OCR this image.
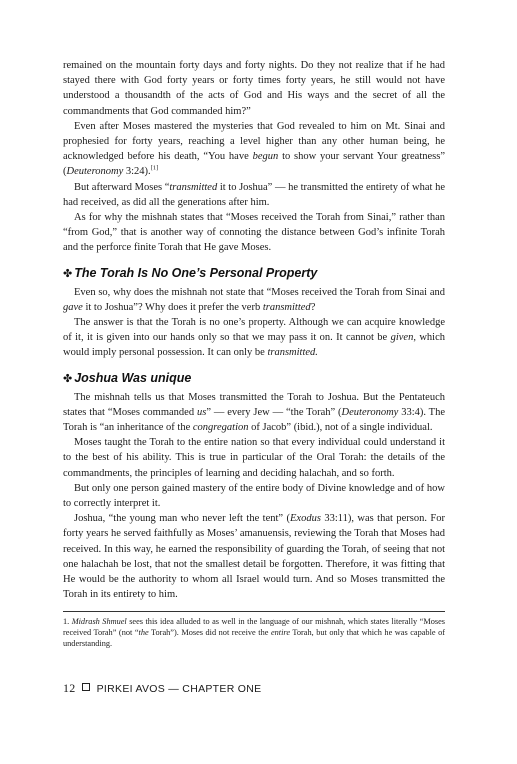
remained on the mountain forty days and forty nights. Do they not realize that if he had stayed there with God forty years or forty times forty years, he still would not have understood a thousandth of the acts of God and His ways and the secret of all the commandments that God commanded him?”

Even after Moses mastered the mysteries that God revealed to him on Mt. Sinai and prophesied for forty years, reaching a level higher than any other human being, he acknowledged before his death, “You have begun to show your servant Your greatness” (Deuteronomy 3:24).[1]

But afterward Moses “transmitted it to Joshua” — he transmitted the entirety of what he had received, as did all the generations after him.

As for why the mishnah states that “Moses received the Torah from Sinai,” rather than “from God,” that is another way of connoting the distance between God’s infinite Torah and the perforce finite Torah that He gave Moses.

✤ The Torah Is No One’s Personal Property

Even so, why does the mishnah not state that “Moses received the Torah from Sinai and gave it to Joshua”? Why does it prefer the verb transmitted?

The answer is that the Torah is no one’s property. Although we can acquire knowledge of it, it is given into our hands only so that we may pass it on. It cannot be given, which would imply personal possession. It can only be transmitted.

✤ Joshua Was unique

The mishnah tells us that Moses transmitted the Torah to Joshua. But the Pentateuch states that “Moses commanded us” — every Jew — “the Torah” (Deuteronomy 33:4). The Torah is “an inheritance of the congregation of Jacob” (ibid.), not of a single individual.

Moses taught the Torah to the entire nation so that every individual could understand it to the best of his ability. This is true in particular of the Oral Torah: the details of the commandments, the principles of learning and deciding halachah, and so forth.

But only one person gained mastery of the entire body of Divine knowledge and of how to correctly interpret it.

Joshua, “the young man who never left the tent” (Exodus 33:11), was that person. For forty years he served faithfully as Moses’ amanuensis, reviewing the Torah that Moses had received. In this way, he earned the responsibility of guarding the Torah, of seeing that not one halachah be lost, that not the smallest detail be forgotten. Therefore, it was fitting that He would be the authority to whom all Israel would turn. And so Moses transmitted the Torah in its entirety to him.

1. Midrash Shmuel sees this idea alluded to as well in the language of our mishnah, which states literally “Moses received Torah” (not “the Torah”). Moses did not receive the entire Torah, but only that which he was capable of understanding.

12 PIRKEI AVOS — CHAPTER ONE
